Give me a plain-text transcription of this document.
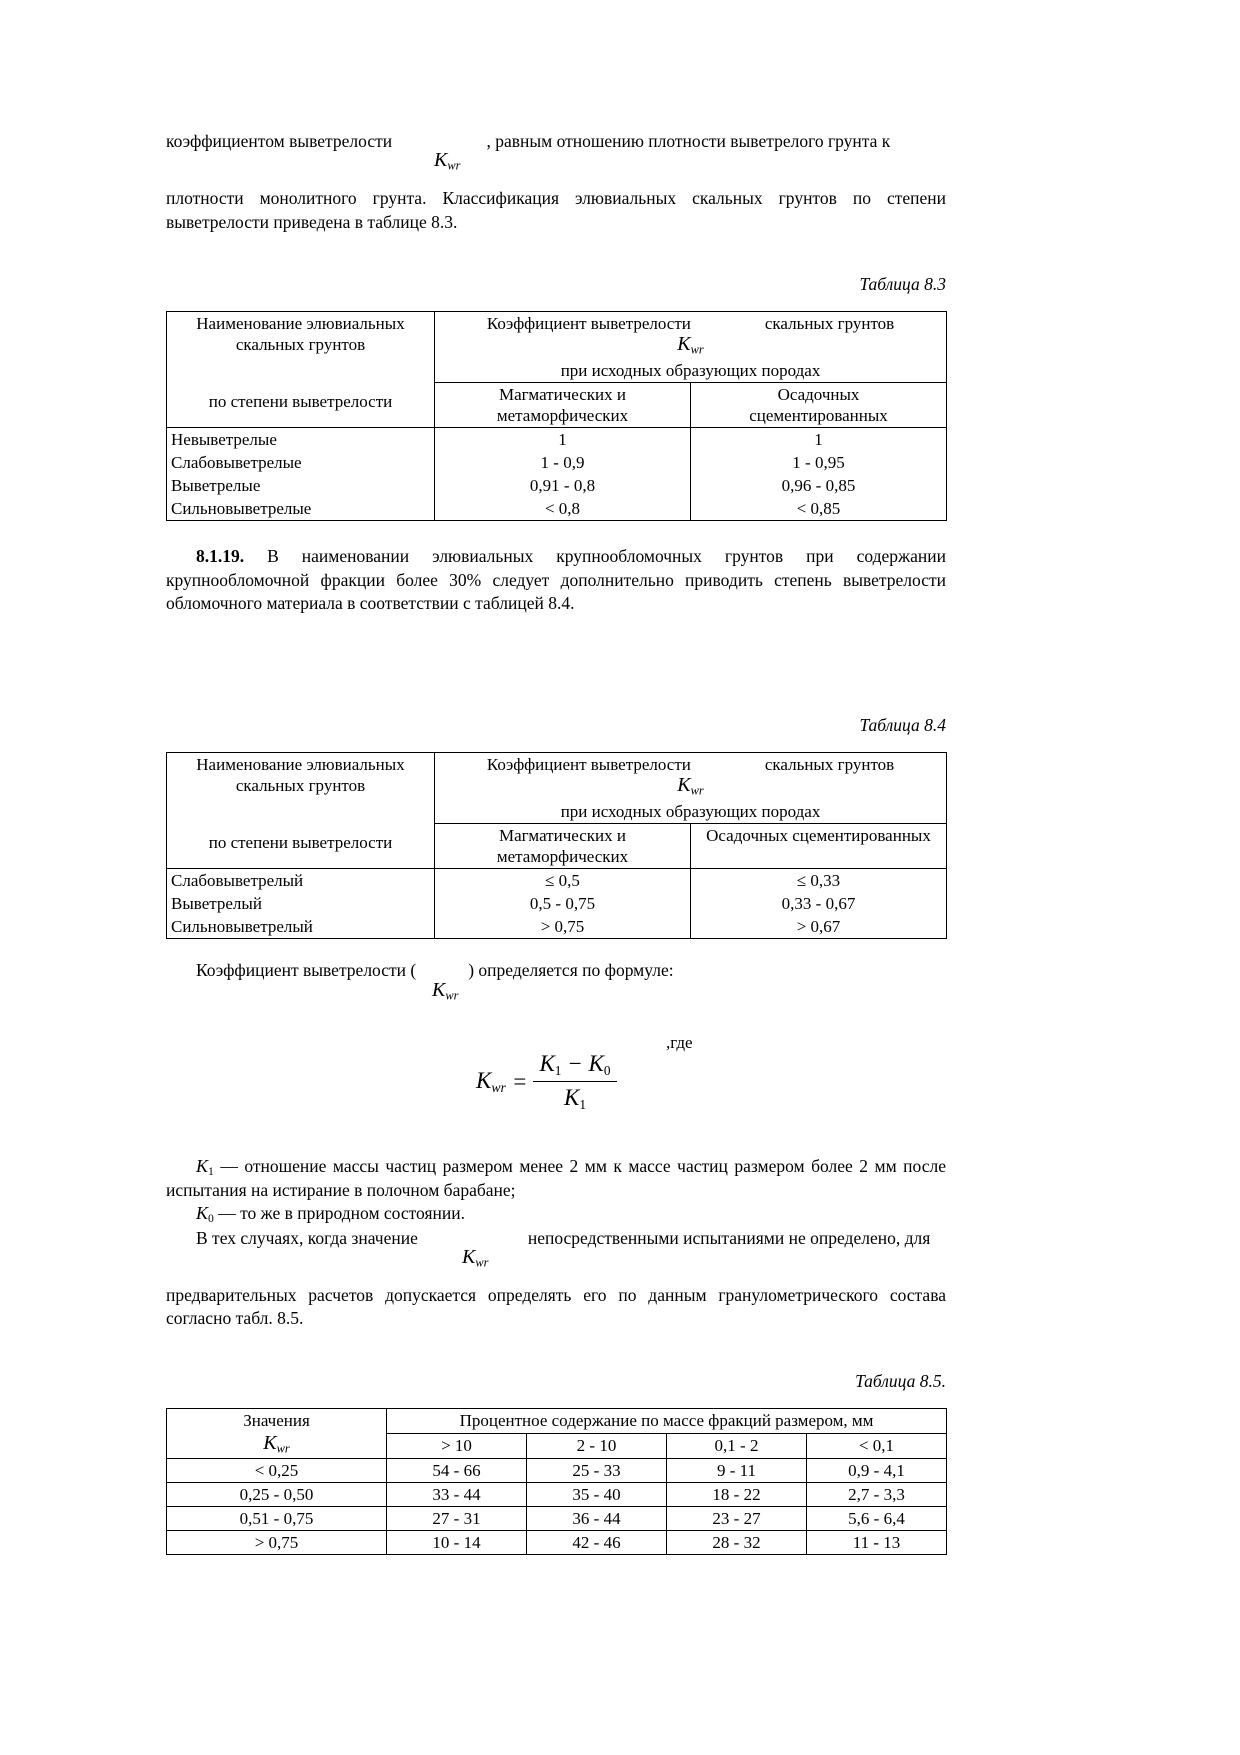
коэффициентом выветрелости	, равным отношению плотности выветрелого грунта к

$K_{wr}$

плотности монолитного грунта. Классификация элювиальных скальных грунтов по степени выветрелости приведена в таблице 8.3.

Таблица 8.3

Наименование элювиальных
скальных грунтов
по степени выветрелости

Коэффициент выветрелости	скальных грунтов
$K_{wr}$
при исходных образующих породах

Магматических и
метаморфических

Осадочных
сцементированных

Невыветрелые	1	1
Слабовыветрелые	1 - 0,9	1 - 0,95
Выветрелые	0,91 - 0,8	0,96 - 0,85
Сильновыветрелые	< 0,8	< 0,85

8.1.19. В наименовании элювиальных крупнообломочных грунтов при содержании крупнообломочной фракции более 30% следует дополнительно приводить степень выветрелости обломочного материала в соответствии с таблицей 8.4.

Таблица 8.4

Наименование элювиальных
скальных грунтов
по степени выветрелости

Коэффициент выветрелости	скальных грунтов
$K_{wr}$
при исходных образующих породах

	Магматических и
метаморфических	Осадочных сцементированных

Слабовыветрелый	≤ 0,5	≤ 0,33
Выветрелый	0,5 - 0,75	0,33 - 0,67
Сильновыветрелый	> 0,75	> 0,67

Коэффициент выветрелости (	) определяется по формуле:

$K_{wr}$
,где
$K_{wr} = \frac{K_1 - K_0}{K_1}$

$K_1$ — отношение массы частиц размером менее 2 мм к массе частиц размером более 2 мм после испытания на истирание в полочном барабане;

$K_0$ — то же в природном состоянии.

В тех случаях, когда значение	непосредственными испытаниями не определено, для

$K_{wr}$

предварительных расчетов допускается определять его по данным гранулометрического состава согласно табл. 8.5.

Таблица 8.5.

Значения
$K_{wr}$	Процентное содержание по массе фракций размером, мм			
	> 10	2 - 10	0,1 - 2	< 0,1
< 0,25	54 - 66	25 - 33	9 - 11	0,9 - 4,1
0,25 - 0,50	33 - 44	35 - 40	18 - 22	2,7 - 3,3
0,51 - 0,75	27 - 31	36 - 44	23 - 27	5,6 - 6,4
> 0,75	10 - 14	42 - 46	28 - 32	11 - 13
